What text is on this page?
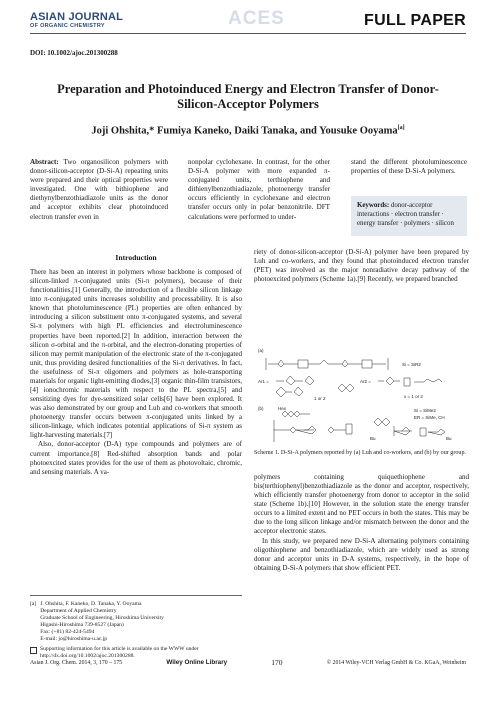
ASIAN JOURNAL
OF ORGANIC CHEMISTRY	ACES	FULL PAPER
DOI: 10.1002/ajoc.201300288
Preparation and Photoinduced Energy and Electron Transfer of Donor-
Silicon-Acceptor Polymers
Joji Ohshita,* Fumiya Kaneko, Daiki Tanaka, and Yousuke Ooyama[a]
Abstract: Two organosilicon polymers with donor-silicon-acceptor (D-Si-A) repeating units were prepared and their optical properties were investigated. One with bithiophene and diethynylbenzothiadiazole units as the donor and acceptor exhibits clear photoinduced electron transfer even in
nonpolar cyclohexane. In contrast, for the other D-Si-A polymer with more expanded π-conjugated units, terthiophene and dithienylbenzothiadiazole, photoenergy transfer occurs efficiently in cyclohexane and electron transfer occurs only in polar benzonitrile. DFT calculations were performed to under-
stand the different photoluminescence properties of these D-Si-A polymers.
Keywords: donor-acceptor interactions · electron transfer · energy transfer · polymers · silicon
Introduction

There has been an interest in polymers whose backbone is composed of silicon-linked π-conjugated units (Si-π polymers), because of their functionalities.[1] Generally, the introduction of a flexible silicon linkage into π-conjugated units increases solubility and processability. It is also known that photoluminescence (PL) properties are often enhanced by introducing a silicon substituent onto π-conjugated systems, and several Si-π polymers with high PL efficiencies and electroluminescence properties have been reported.[2] In addition, interaction between the silicon σ-orbital and the π-orbital, and the electron-donating properties of silicon may permit manipulation of the electronic state of the π-conjugated unit, thus providing desired functionalities of the Si-π derivatives. In fact, the usefulness of Si-π oligomers and polymers as hole-transporting materials for organic light-emitting diodes,[3] organic thin-film transistors,[4] ionochromic materials with respect to the PL spectra,[5] and sensitizing dyes for dye-sensitized solar cells[6] have been explored. It was also demonstrated by our group and Luh and co-workers that smooth photoenergy transfer occurs between π-conjugated units linked by a silicon-linkage, which indicates potential applications of Si-π system as light-harvesting materials.[7]

Also, donor-acceptor (D-A) type compounds and polymers are of current importance.[8] Red-shifted absorption bands and polar photoexcited states provides for the use of them as photovoltaic, chromic, and sensing materials. A va-

riety of donor-silicon-acceptor (D-Si-A) polymer have been prepared by Luh and co-workers, and they found that photoinduced electron transfer (PET) was involved as the major nonradiative decay pathway of the photoexcited polymers (Scheme 1a).[9] Recently, we prepared branched

(a)
Si = SiR2
Ar1 =
1 or 2
Ar2 =
x = 1 or 2
(b)	Hex
Bu	Bu
Si = SiMe2
ER = SiMe, CH
Scheme 1. D-Si-A polymers reported by (a) Luh and co-workers, and (b) by our group.

polymers containing quiquethiophene and bis(terthiophenyl)benzothiadiazole as the donor and acceptor, respectively, which efficiently transfer photoenergy from donor to acceptor in the solid state (Scheme 1b).[10] However, in the solution state the energy transfer occurs to a limited extent and no PET occurs in both the states. This may be due to the long silicon linkage and/or mismatch between the donor and the acceptor electronic states.

In this study, we prepared new D-Si-A alternating polymers containing oligothiophene and benzothiadiazole, which are widely used as strong donor and acceptor units in D-A systems, respectively, in the hope of obtaining D-Si-A polymers that show efficient PET.

[a] J. Ohshita, F. Kaneko, D. Tanaka, Y. Ooyama
Department of Applied Chemistry
Graduate School of Engineering, Hiroshima University
Higashi-Hiroshima 739-8527 (Japan)
Fax: (+81) 82-424-5494
E-mail: jo@hiroshima-u.ac.jp
Supporting information for this article is available on the WWW under http://dx.doi.org/10.1002/ajoc.201300288.
Asian J. Org. Chem. 2014, 3, 170 – 175	Wiley Online Library	170	© 2014 Wiley-VCH Verlag GmbH & Co. KGaA, Weinheim
